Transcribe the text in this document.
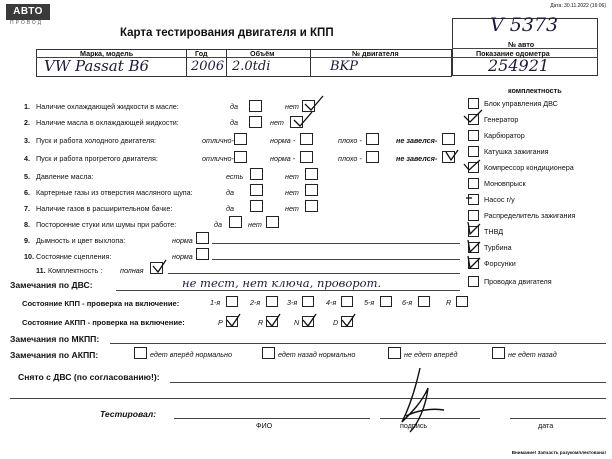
АВТО
ПРОВОД
Дата: 30.11.2022 (16:06)
Карта тестирования двигателя и КПП	V 5373
№ авто
Показание одометра
254921
Марка, модель	Год	Объём	№ двигателя
VW Passat B6	2006 2.0tdi	BKP
комплектность
Блок управления ДВС
Генератор
Карбюратор
Катушка зажигания
Компрессор кондиционера
Моновпрыск
Насос г/у
Распределитель зажигания
ТНВД
Турбина
Форсунки
Проводка двигателя
1. Наличие охлаждающей жидкости в масле:	да	нет
2. Наличие масла в охлаждающей жидкости:	да	нет
3. Пуск и работа холодного двигателя:	отлично-	норма -	плохо -	не завелся-
4. Пуск и работа прогретого двигателя:	отлично-	норма -	плохо -	не завелся-
5. Давление масла:	есть	нет
6. Картерные газы из отверстия масляного щупа:	да	нет
7. Наличие газов в расширительном бачке:	да	нет
8. Посторонние стуки или шумы при работе:	да	нет
9. Дымность и цвет выхлопа:	норма
10. Состояние сцепления:	норма
11. Комплектность : полная
Замечания по ДВС:	не тест, нет ключа, проворот.
Состояние КПП - проверка на включение:	1-я	2-я	3-я	4-я	5-я	6-я	R
Состояние АКПП - проверка на включение:	P	R	N	D
Замечания по МКПП:
Замечания по АКПП:	едет вперёд нормально	едет назад нормально	не едет вперёд	не едет назад
Снято с ДВС (по согласованию!):
Тестировал:
ФИО	подпись	дата
Внимание! Запчасть разукомплектована!
